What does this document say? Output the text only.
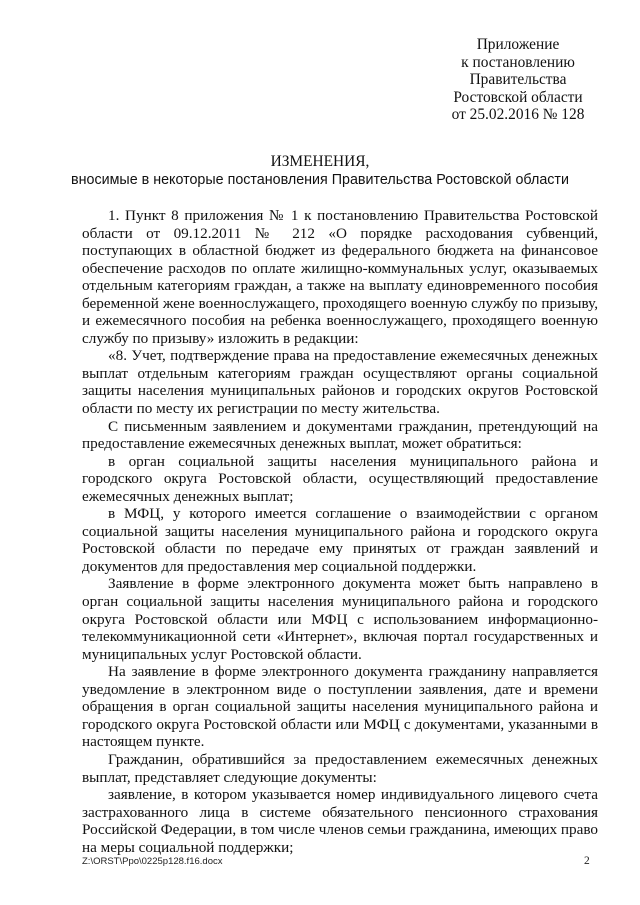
Приложение
к постановлению
Правительства
Ростовской области
от 25.02.2016 № 128
ИЗМЕНЕНИЯ,
вносимые в некоторые постановления Правительства Ростовской области

1. Пункт 8 приложения № 1 к постановлению Правительства Ростовской области от 09.12.2011 № 212 «О порядке расходования субвенций, поступающих в областной бюджет из федерального бюджета на финансовое обеспечение расходов по оплате жилищно-коммунальных услуг, оказываемых отдельным категориям граждан, а также на выплату единовременного пособия беременной жене военнослужащего, проходящего военную службу по призыву, и ежемесячного пособия на ребенка военнослужащего, проходящего военную службу по призыву» изложить в редакции:

«8. Учет, подтверждение права на предоставление ежемесячных денежных выплат отдельным категориям граждан осуществляют органы социальной защиты населения муниципальных районов и городских округов Ростовской области по месту их регистрации по месту жительства.

С письменным заявлением и документами гражданин, претендующий на предоставление ежемесячных денежных выплат, может обратиться:

в орган социальной защиты населения муниципального района и городского округа Ростовской области, осуществляющий предоставление ежемесячных денежных выплат;

в МФЦ, у которого имеется соглашение о взаимодействии с органом социальной защиты населения муниципального района и городского округа Ростовской области по передаче ему принятых от граждан заявлений и документов для предоставления мер социальной поддержки.

Заявление в форме электронного документа может быть направлено в орган социальной защиты населения муниципального района и городского округа Ростовской области или МФЦ с использованием информационно-телекоммуникационной сети «Интернет», включая портал государственных и муниципальных услуг Ростовской области.

На заявление в форме электронного документа гражданину направляется уведомление в электронном виде о поступлении заявления, дате и времени обращения в орган социальной защиты населения муниципального района и городского округа Ростовской области или МФЦ с документами, указанными в настоящем пункте.

Гражданин, обратившийся за предоставлением ежемесячных денежных выплат, представляет следующие документы:

заявление, в котором указывается номер индивидуального лицевого счета застрахованного лица в системе обязательного пенсионного страхования Российской Федерации, в том числе членов семьи гражданина, имеющих право на меры социальной поддержки;

Z:\ORST\Ppo\0225p128.f16.docx	2
